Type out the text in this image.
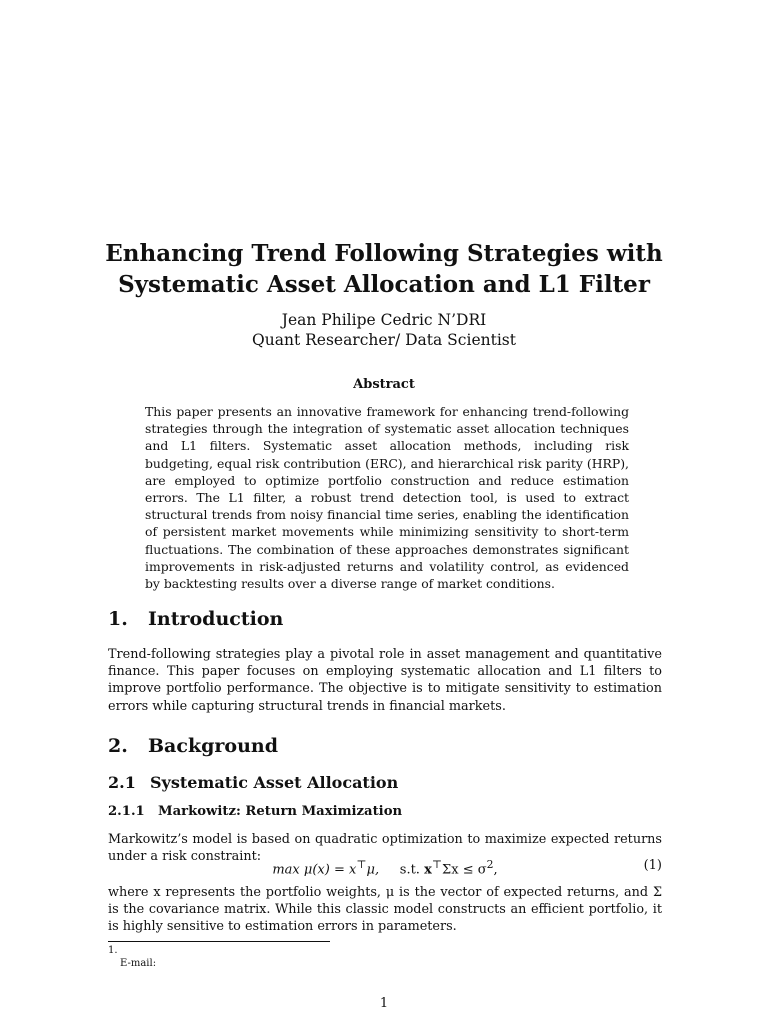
Enhancing Trend Following Strategies with
Systematic Asset Allocation and L1 Filter
Jean Philipe Cedric N’DRI
Quant Researcher/ Data Scientist
Abstract

This paper presents an innovative framework for enhancing trend-following strategies through the integration of systematic asset allocation techniques and L1 filters. Systematic asset allocation methods, including risk budgeting, equal risk contribution (ERC), and hierarchical risk parity (HRP), are employed to optimize portfolio construction and reduce estimation errors. The L1 filter, a robust trend detection tool, is used to extract structural trends from noisy financial time series, enabling the identification of persistent market movements while minimizing sensitivity to short-term fluctuations. The combination of these approaches demonstrates significant improvements in risk-adjusted returns and volatility control, as evidenced by backtesting results over a diverse range of market conditions.

1. Introduction
Trend-following strategies play a pivotal role in asset management and quantitative finance. This paper focuses on employing systematic allocation and L1 filters to improve portfolio performance. The objective is to mitigate sensitivity to estimation errors while capturing structural trends in financial markets.
2. Background
2.1 Systematic Asset Allocation
2.1.1 Markowitz: Return Maximization
Markowitz’s model is based on quadratic optimization to maximize expected returns under a risk constraint:
max μ(x) = x⊤μ, s.t. $x^⊤\Sigma x \le \sigma^2$,	(1)
where x represents the portfolio weights, μ is the vector of expected returns, and Σ is the covariance matrix. While this classic model constructs an efficient portfolio, it is highly sensitive to estimation errors in parameters.
1.
E-mail:
1
